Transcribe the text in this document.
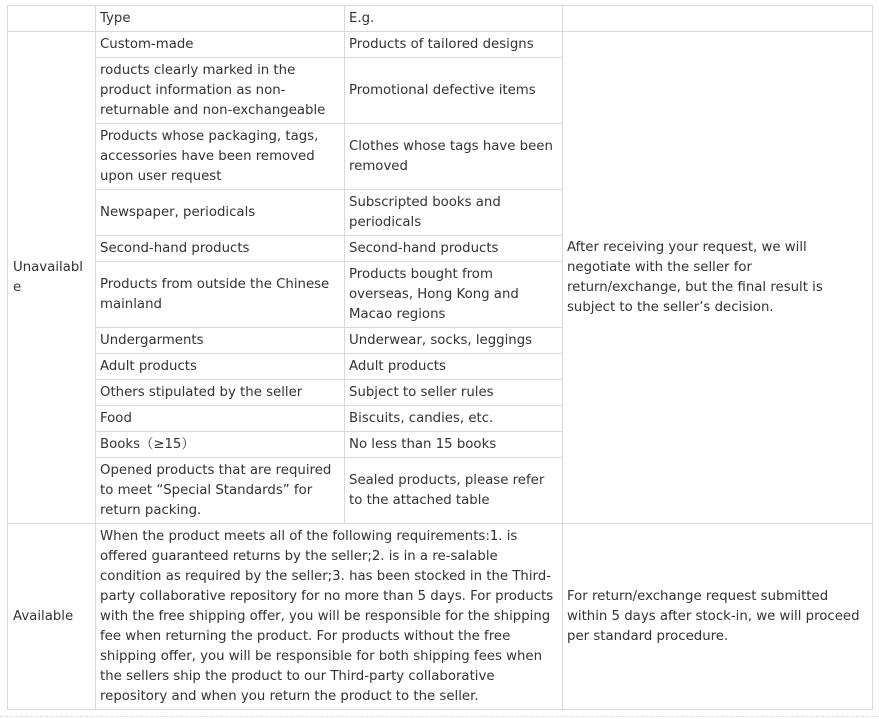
	Type	E.g.	
Unavailable	Custom-made	Products of tailored designs	After receiving your request, we will negotiate with the seller for return/exchange, but the final result is subject to the seller’s decision.
	roducts clearly marked in the product information as non-returnable and non-exchangeable	Promotional defective items	
	Products whose packaging, tags, accessories have been removed upon user request	Clothes whose tags have been removed	
	Newspaper, periodicals	Subscripted books and periodicals	
	Second-hand products	Second-hand products	
	Products from outside the Chinese mainland	Products bought from overseas, Hong Kong and Macao regions	
	Undergarments	Underwear, socks, leggings	
	Adult products	Adult products	
	Others stipulated by the seller	Subject to seller rules	
	Food	Biscuits, candies, etc.	
	Books（≥15）	No less than 15 books	
	Opened products that are required to meet “Special Standards” for return packing.	Sealed products, please refer to the attached table	
Available	When the product meets all of the following requirements:1. is offered guaranteed returns by the seller;2. is in a re-salable condition as required by the seller;3. has been stocked in the Third-party collaborative repository for no more than 5 days. For products with the free shipping offer, you will be responsible for the shipping fee when returning the product. For products without the free shipping offer, you will be responsible for both shipping fees when the sellers ship the product to our Third-party collaborative repository and when you return the product to the seller.		For return/exchange request submitted within 5 days after stock-in, we will proceed per standard procedure.
